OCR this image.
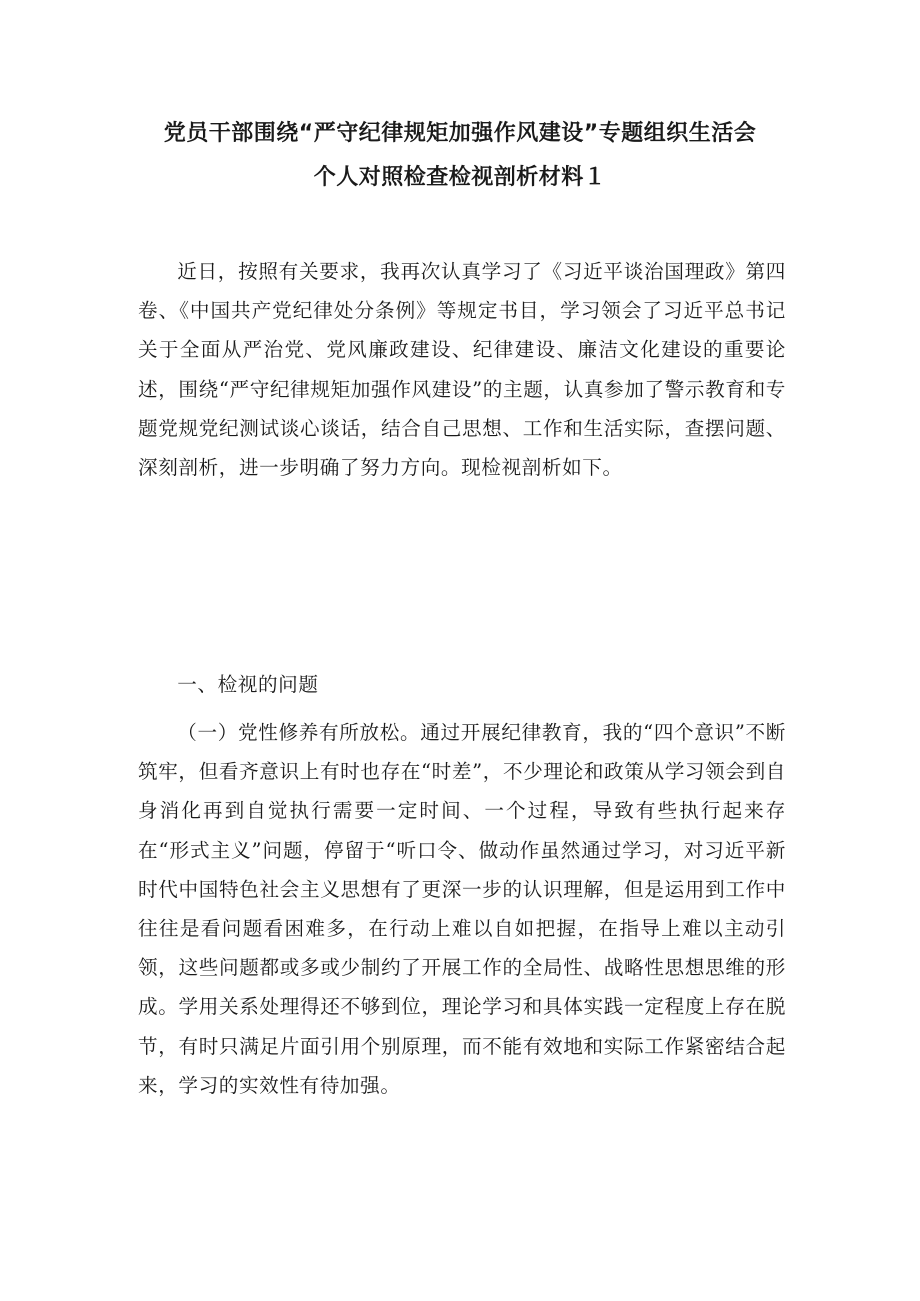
党员干部围绕“严守纪律规矩加强作风建设”专题组织生活会
个人对照检查检视剖析材料１
近日，按照有关要求，我再次认真学习了《习近平谈治国理政》第四卷、《中国共产党纪律处分条例》等规定书目，学习领会了习近平总书记关于全面从严治党、党风廉政建设、纪律建设、廉洁文化建设的重要论述，围绕“严守纪律规矩加强作风建设”的主题，认真参加了警示教育和专题党规党纪测试谈心谈话，结合自己思想、工作和生活实际，查摆问题、深刻剖析，进一步明确了努力方向。现检视剖析如下。
一、检视的问题
（一）党性修养有所放松。通过开展纪律教育，我的“四个意识”不断筑牢，但看齐意识上有时也存在“时差”，不少理论和政策从学习领会到自身消化再到自觉执行需要一定时间、一个过程，导致有些执行起来存在“形式主义”问题，停留于“听口令、做动作虽然通过学习，对习近平新时代中国特色社会主义思想有了更深一步的认识理解，但是运用到工作中往往是看问题看困难多，在行动上难以自如把握，在指导上难以主动引领，这些问题都或多或少制约了开展工作的全局性、战略性思想思维的形成。学用关系处理得还不够到位，理论学习和具体实践一定程度上存在脱节，有时只满足片面引用个别原理，而不能有效地和实际工作紧密结合起来，学习的实效性有待加强。
